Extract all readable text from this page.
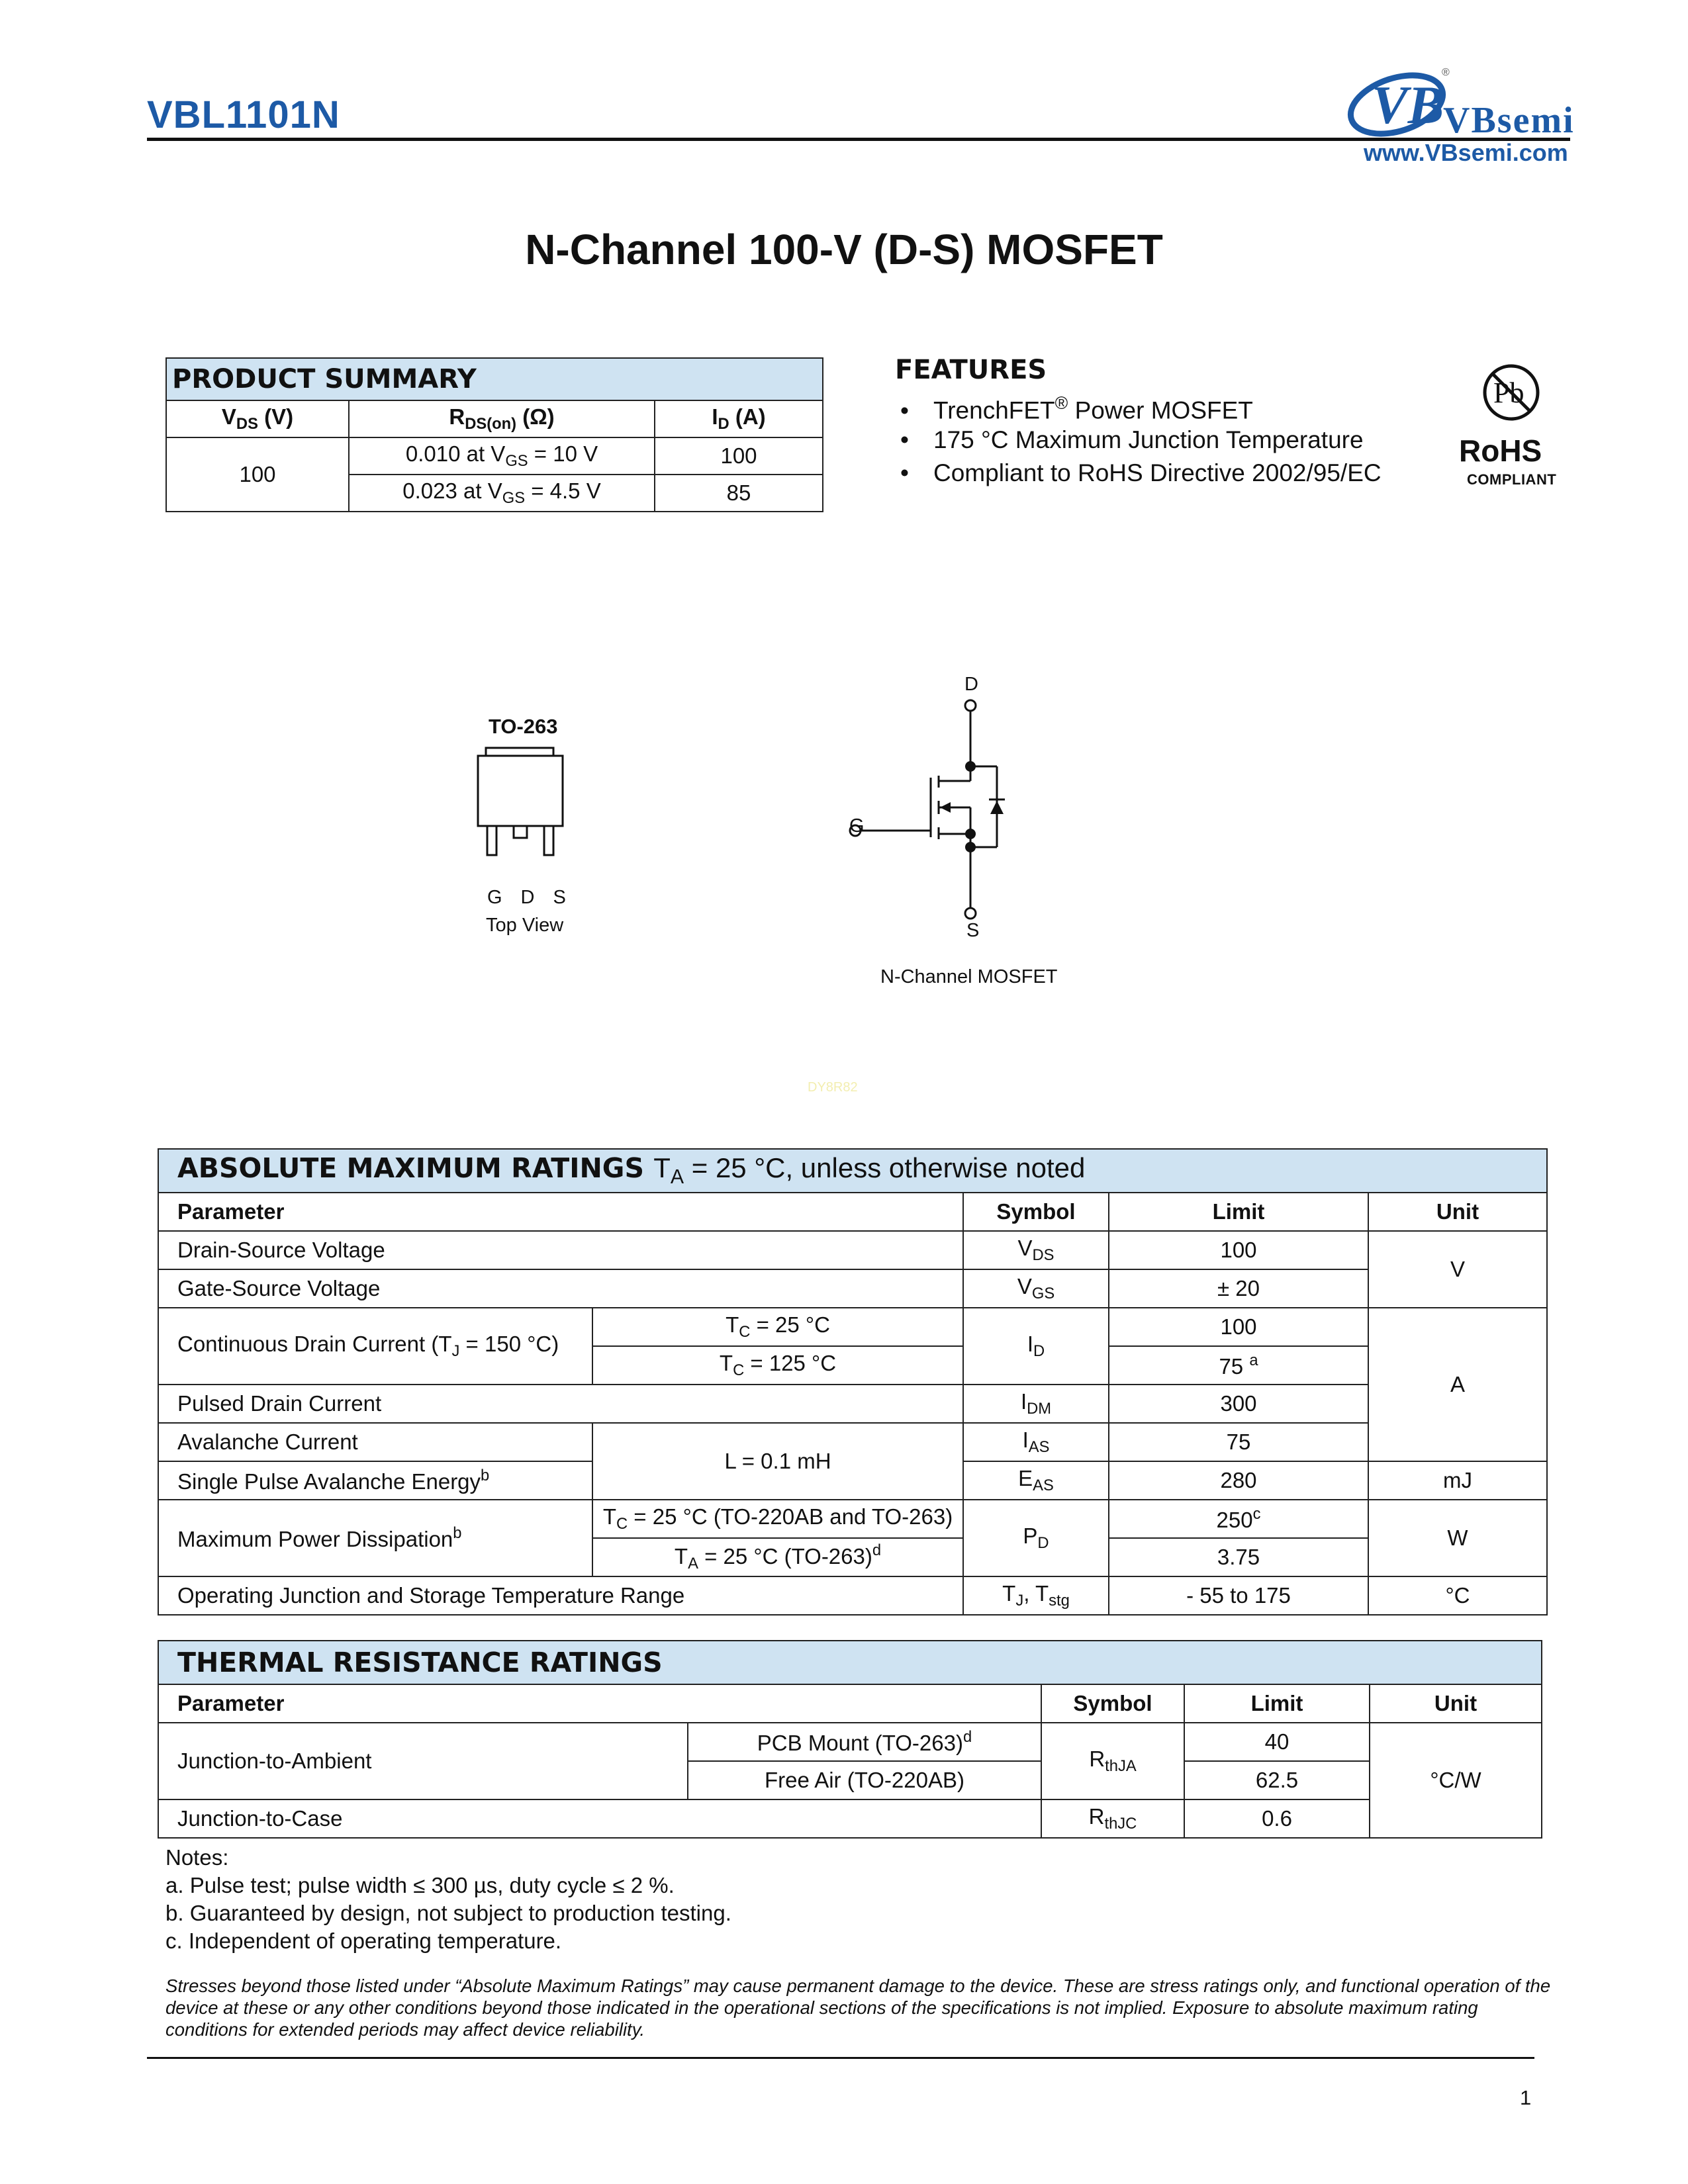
VBL1101N	VB
®
VBsemi
www.VBsemi.com
N-Channel 100-V (D-S) MOSFET
PRODUCT SUMMARY		
$V_{DS}$ (V)	$R_{DS(on)}$ (Ω)	$I_D$ (A)
100	0.010 at $V_{GS} = 10$ V	100
	0.023 at $V_{GS} = 4.5$ V	85
FEATURES
• TrenchFET® Power MOSFET
• 175 °C Maximum Junction Temperature
• Compliant to RoHS Directive 2002/95/EC
Pb
RoHS
COMPLIANT
TO-263
GDS
Top View
D
G
S
N-Channel MOSFET
DY8R82
ABSOLUTE MAXIMUM RATINGS $T_A = 25$ °C, unless otherwise noted				
Parameter		Symbol	Limit	Unit
Drain-Source Voltage		$V_{DS}$	100	V
Gate-Source Voltage		$V_{GS}$	± 20	
Continuous Drain Current ($T_J = 150$ °C)	$T_C = 25$ °C	$I_D$	100	A
	$T_C = 125$ °C		75 $^a$
Pulsed Drain Current		$I_{DM}$	300	
Avalanche Current	L = 0.1 mH	$I_{AS}$	75	
Single Pulse Avalanche Energy$^b$		$E_{AS}$	280	mJ
Maximum Power Dissipation$^b$	$T_C = 25$ °C (TO-220AB and TO-263)	$P_D$	250$^c$	W
	$T_A = 25$ °C $(TO-263)^d$		3.75	
Operating Junction and Storage Temperature Range		$T_J$, $T_{stg}$	- 55 to 175	°C
THERMAL RESISTANCE RATINGS				
Parameter		Symbol	Limit	Unit
Junction-to-Ambient	PCB Mount $(TO-263)^d$	$R_{thJA}$	40	°C/W
	Free Air (TO-220AB)		62.5	
Junction-to-Case		$R_{thJC}$	0.6	
Notes:
a. Pulse test; pulse width ≤ 300 µs, duty cycle ≤ 2 %.
b. Guaranteed by design, not subject to production testing.
c. Independent of operating temperature.
Stresses beyond those listed under “Absolute Maximum Ratings” may cause permanent damage to the device. These are stress ratings only, and functional operation of the device at these or any other conditions beyond those indicated in the operational sections of the specifications is not implied. Exposure to absolute maximum rating conditions for extended periods may affect device reliability.
1
